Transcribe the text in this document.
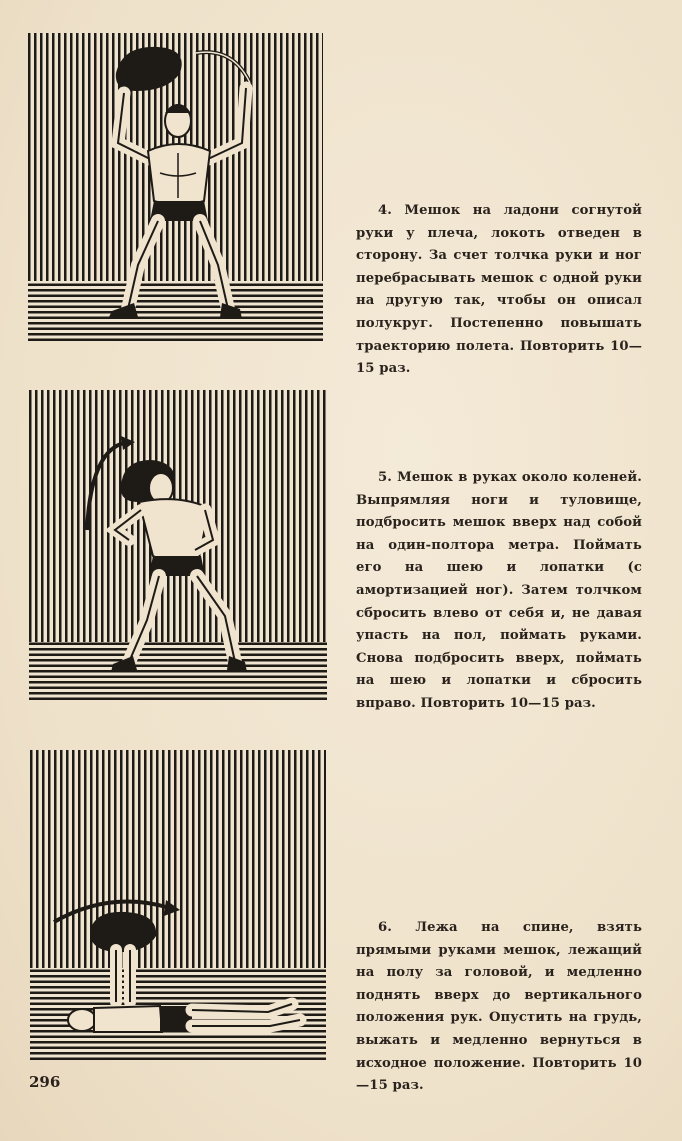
4. Мешок на ладони согнутой руки у плеча, локоть отведен в сторону. За счет толчка руки и ног перебрасывать мешок с одной руки на другую так, чтобы он описал полукруг. Постепенно повышать траекторию полета. Повторить 10—15 раз.

5. Мешок в руках около коленей. Выпрямляя ноги и туловище, подбросить мешок вверх над собой на один-полтора метра. Поймать его на шею и лопатки (с амортизацией ног). Затем толчком сбросить влево от себя и, не давая упасть на пол, поймать руками. Снова подбросить вверх, поймать на шею и лопатки и сбросить вправо. Повторить 10—15 раз.

6. Лежа на спине, взять прямыми руками мешок, лежащий на полу за головой, и медленно поднять вверх до вертикального положения рук. Опустить на грудь, выжать и медленно вернуться в исходное положение. Повторить 10—15 раз.

296
